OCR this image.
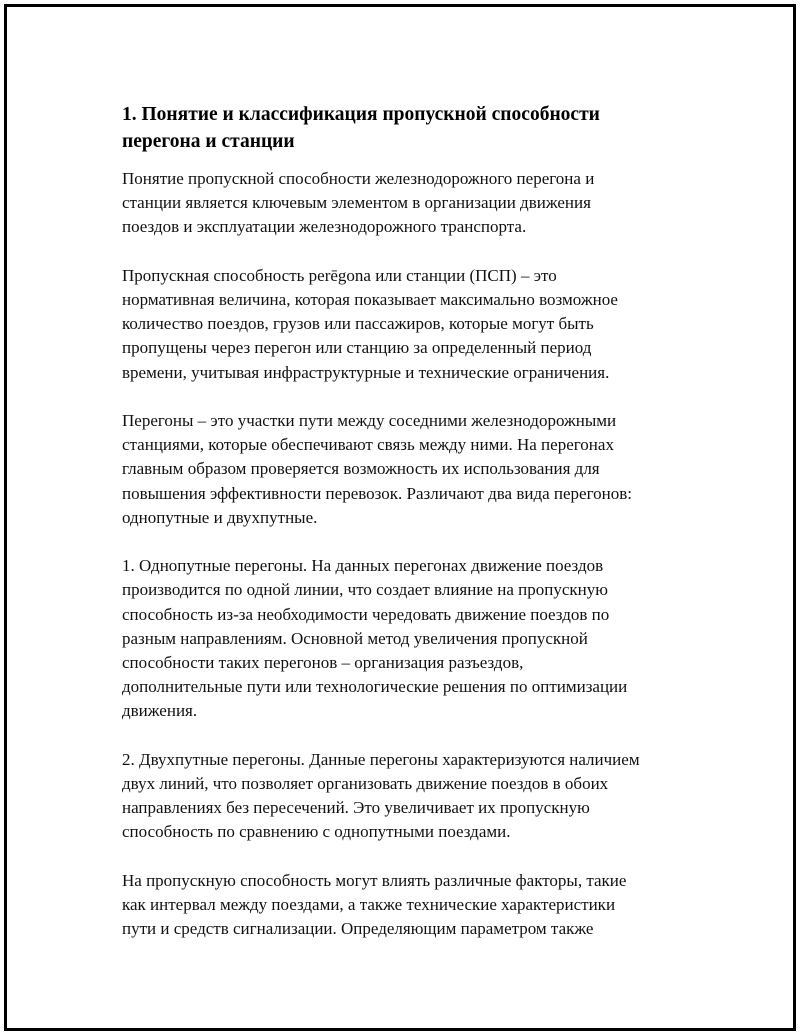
1. Понятие и классификация пропускной способности
перегона и станции

Понятие пропускной способности железнодорожного перегона и
станции является ключевым элементом в организации движения
поездов и эксплуатации железнодорожного транспорта.

Пропускная способность perēgona или станции (ПСП) – это
нормативная величина, которая показывает максимально возможное
количество поездов, грузов или пассажиров, которые могут быть
пропущены через перегон или станцию за определенный период
времени, учитывая инфраструктурные и технические ограничения.

Перегоны – это участки пути между соседними железнодорожными
станциями, которые обеспечивают связь между ними. На перегонах
главным образом проверяется возможность их использования для
повышения эффективности перевозок. Различают два вида перегонов:
однопутные и двухпутные.

1. Однопутные перегоны. На данных перегонах движение поездов
производится по одной линии, что создает влияние на пропускную
способность из-за необходимости чередовать движение поездов по
разным направлениям. Основной метод увеличения пропускной
способности таких перегонов – организация разъездов,
дополнительные пути или технологические решения по оптимизации
движения.

2. Двухпутные перегоны. Данные перегоны характеризуются наличием
двух линий, что позволяет организовать движение поездов в обоих
направлениях без пересечений. Это увеличивает их пропускную
способность по сравнению с однопутными поездами.

На пропускную способность могут влиять различные факторы, такие
как интервал между поездами, а также технические характеристики
пути и средств сигнализации. Определяющим параметром также
